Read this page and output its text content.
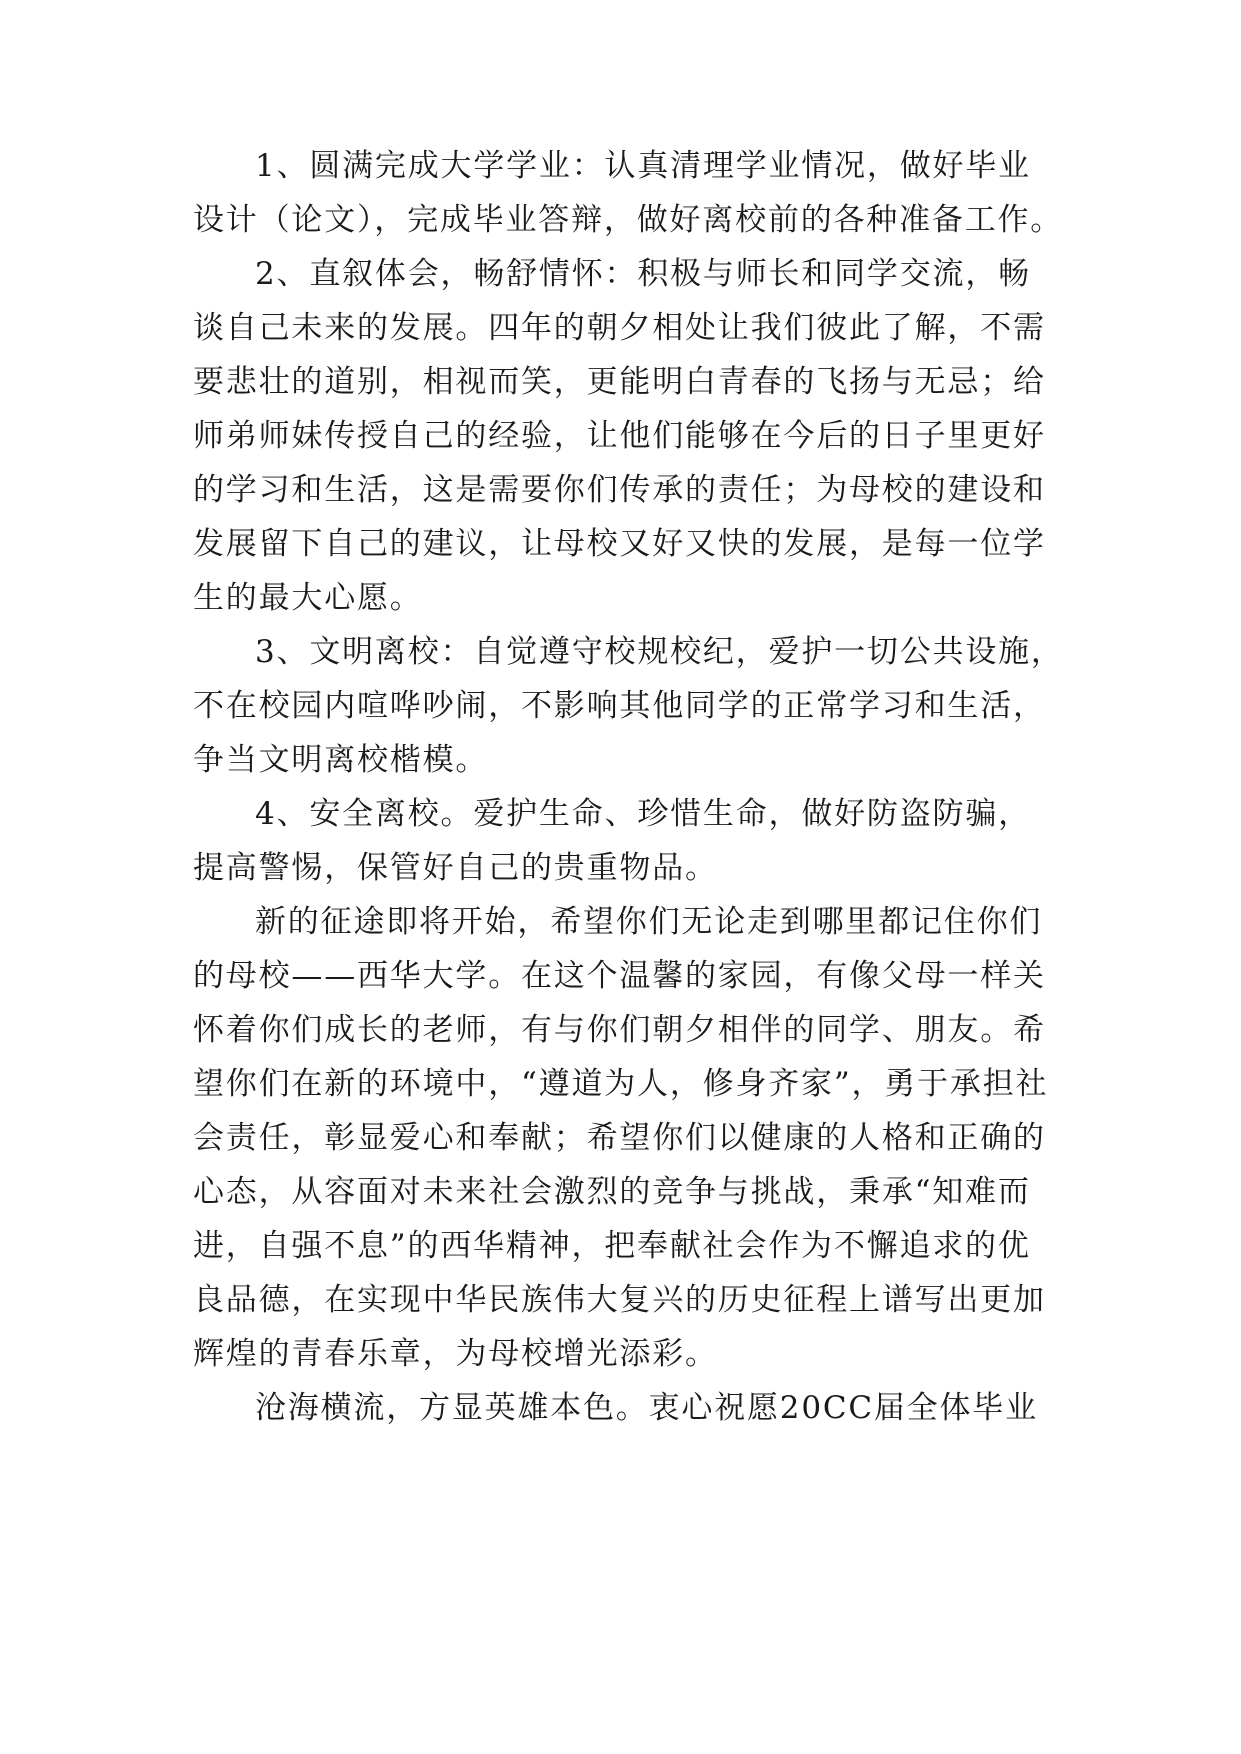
1、圆满完成大学学业：认真清理学业情况，做好毕业
设计（论文），完成毕业答辩，做好离校前的各种准备工作。
2、直叙体会，畅舒情怀：积极与师长和同学交流，畅
谈自己未来的发展。四年的朝夕相处让我们彼此了解，不需
要悲壮的道别，相视而笑，更能明白青春的飞扬与无忌；给
师弟师妹传授自己的经验，让他们能够在今后的日子里更好
的学习和生活，这是需要你们传承的责任；为母校的建设和
发展留下自己的建议，让母校又好又快的发展，是每一位学
生的最大心愿。
3、文明离校：自觉遵守校规校纪，爱护一切公共设施，
不在校园内喧哗吵闹，不影响其他同学的正常学习和生活，
争当文明离校楷模。
4、安全离校。爱护生命、珍惜生命，做好防盗防骗，
提高警惕，保管好自己的贵重物品。
新的征途即将开始，希望你们无论走到哪里都记住你们
的母校——西华大学。在这个温馨的家园，有像父母一样关
怀着你们成长的老师，有与你们朝夕相伴的同学、朋友。希
望你们在新的环境中，“遵道为人，修身齐家”，勇于承担社
会责任，彰显爱心和奉献；希望你们以健康的人格和正确的
心态，从容面对未来社会激烈的竞争与挑战，秉承“知难而
进，自强不息”的西华精神，把奉献社会作为不懈追求的优
良品德，在实现中华民族伟大复兴的历史征程上谱写出更加
辉煌的青春乐章，为母校增光添彩。
沧海横流，方显英雄本色。衷心祝愿20CC届全体毕业
